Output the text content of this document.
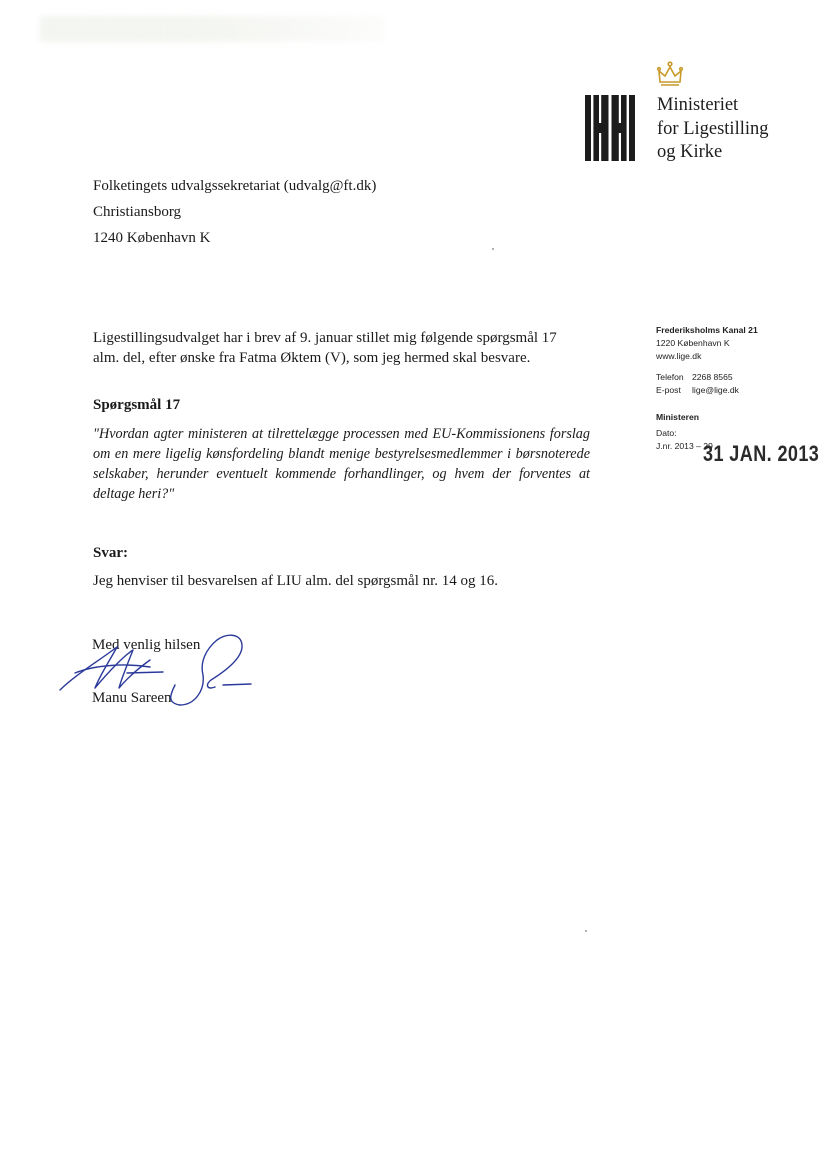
Ministeriet
for Ligestilling
og Kirke
Folketingets udvalgssekretariat (udvalg@ft.dk)
Christiansborg
1240 København K
Frederiksholms Kanal 21
1220 København K
www.lige.dk
Telefon 2268 8565
E-post lige@lige.dk
Ministeren
Dato:
J.nr. 2013 – 29
31 JAN. 2013
Ligestillingsudvalget har i brev af 9. januar stillet mig følgende spørgsmål 17 alm. del, efter ønske fra Fatma Øktem (V), som jeg hermed skal besvare.
Spørgsmål 17
"Hvordan agter ministeren at tilrettelægge processen med EU-Kommissionens forslag om en mere ligelig kønsfordeling blandt menige bestyrelsesmedlemmer i børsnoterede selskaber, herunder eventuelt kommende forhandlinger, og hvem der forventes at deltage heri?"
Svar:
Jeg henviser til besvarelsen af LIU alm. del spørgsmål nr. 14 og 16.
Med venlig hilsen
Manu Sareen
